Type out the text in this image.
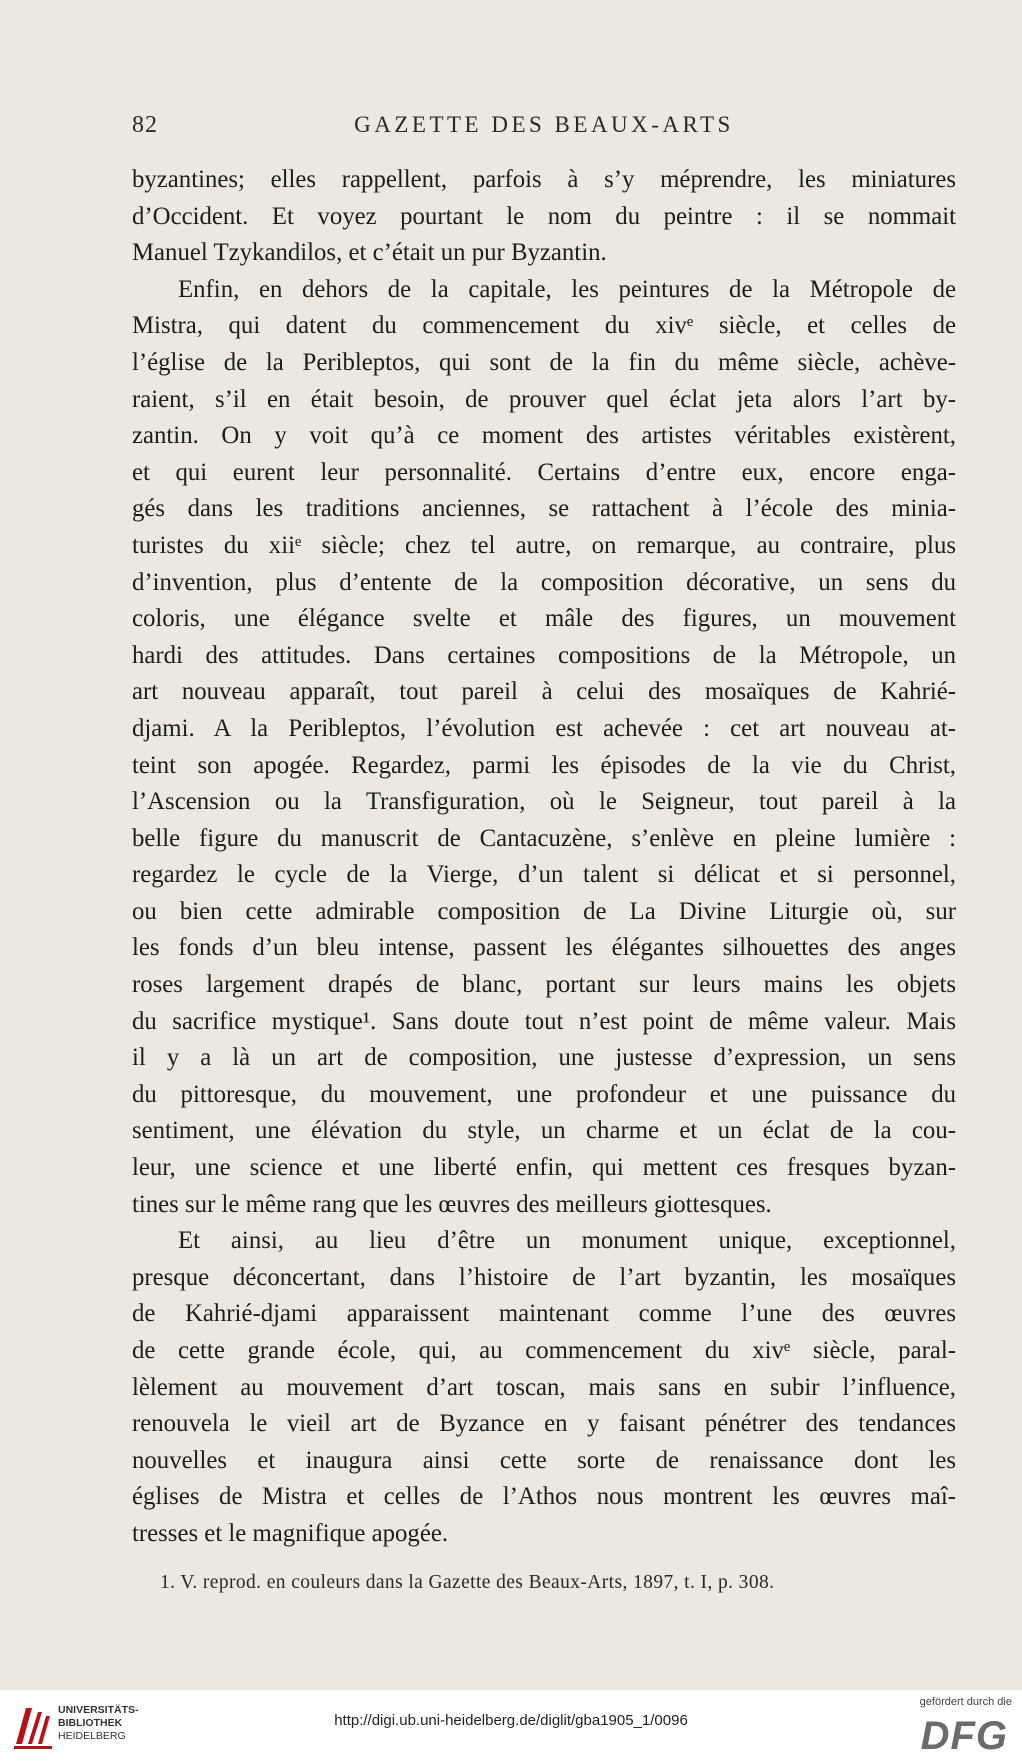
82	GAZETTE DES BEAUX-ARTS
byzantines; elles rappellent, parfois à s’y méprendre, les miniatures
d’Occident. Et voyez pourtant le nom du peintre : il se nommait
Manuel Tzykandilos, et c’était un pur Byzantin.
Enfin, en dehors de la capitale, les peintures de la Métropole de
Mistra, qui datent du commencement du xivᵉ siècle, et celles de
l’église de la Peribleptos, qui sont de la fin du même siècle, achève-
raient, s’il en était besoin, de prouver quel éclat jeta alors l’art by-
zantin. On y voit qu’à ce moment des artistes véritables existèrent,
et qui eurent leur personnalité. Certains d’entre eux, encore enga-
gés dans les traditions anciennes, se rattachent à l’école des minia-
turistes du xiiᵉ siècle; chez tel autre, on remarque, au contraire, plus
d’invention, plus d’entente de la composition décorative, un sens du
coloris, une élégance svelte et mâle des figures, un mouvement
hardi des attitudes. Dans certaines compositions de la Métropole, un
art nouveau apparaît, tout pareil à celui des mosaïques de Kahrié-
djami. A la Peribleptos, l’évolution est achevée : cet art nouveau at-
teint son apogée. Regardez, parmi les épisodes de la vie du Christ,
l’Ascension ou la Transfiguration, où le Seigneur, tout pareil à la
belle figure du manuscrit de Cantacuzène, s’enlève en pleine lumière :
regardez le cycle de la Vierge, d’un talent si délicat et si personnel,
ou bien cette admirable composition de La Divine Liturgie où, sur
les fonds d’un bleu intense, passent les élégantes silhouettes des anges
roses largement drapés de blanc, portant sur leurs mains les objets
du sacrifice mystique¹. Sans doute tout n’est point de même valeur. Mais
il y a là un art de composition, une justesse d’expression, un sens
du pittoresque, du mouvement, une profondeur et une puissance du
sentiment, une élévation du style, un charme et un éclat de la cou-
leur, une science et une liberté enfin, qui mettent ces fresques byzan-
tines sur le même rang que les œuvres des meilleurs giottesques.
Et ainsi, au lieu d’être un monument unique, exceptionnel,
presque déconcertant, dans l’histoire de l’art byzantin, les mosaïques
de Kahrié-djami apparaissent maintenant comme l’une des œuvres
de cette grande école, qui, au commencement du xivᵉ siècle, paral-
lèlement au mouvement d’art toscan, mais sans en subir l’influence,
renouvela le vieil art de Byzance en y faisant pénétrer des tendances
nouvelles et inaugura ainsi cette sorte de renaissance dont les
églises de Mistra et celles de l’Athos nous montrent les œuvres maî-
tresses et le magnifique apogée.
1. V. reprod. en couleurs dans la Gazette des Beaux-Arts, 1897, t. I, p. 308.
UNIVERSITÄTS-
BIBLIOTHEK
HEIDELBERG
http://digi.ub.uni-heidelberg.de/diglit/gba1905_1/0096
gefördert durch die
DFG
